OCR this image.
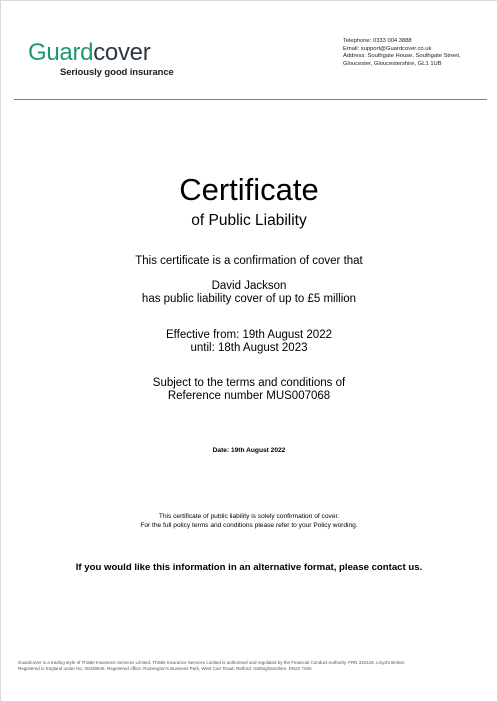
Guardcover
Seriously good insurance
Telephone: 0333 004 3888
Email: support@Guardcover.co.uk
Address: Southgate House, Southgate Street,
Gloucester, Gloucestershire, GL1 1UB
Certificate
of Public Liability
This certificate is a confirmation of cover that
David Jackson
has public liability cover of up to £5 million
Effective from: 19th August 2022
until: 18th August 2023
Subject to the terms and conditions of
Reference number MUS007068
Date: 19th August 2022
This certificate of public liability is solely confirmation of cover.
For the full policy terms and conditions please refer to your Policy wording.
If you would like this information in an alternative format, please contact us.
Guardcover is a trading style of Thistle Insurance Services Limited. Thistle Insurance Services Limited is authorised and regulated by the Financial Conduct Authority. FRN 310419. Lloyd's Broker.
Registered in England under No. 00338645. Registered office: Rossington's Business Park, West Carr Road, Retford, Nottinghamshire, DN22 7SW.
